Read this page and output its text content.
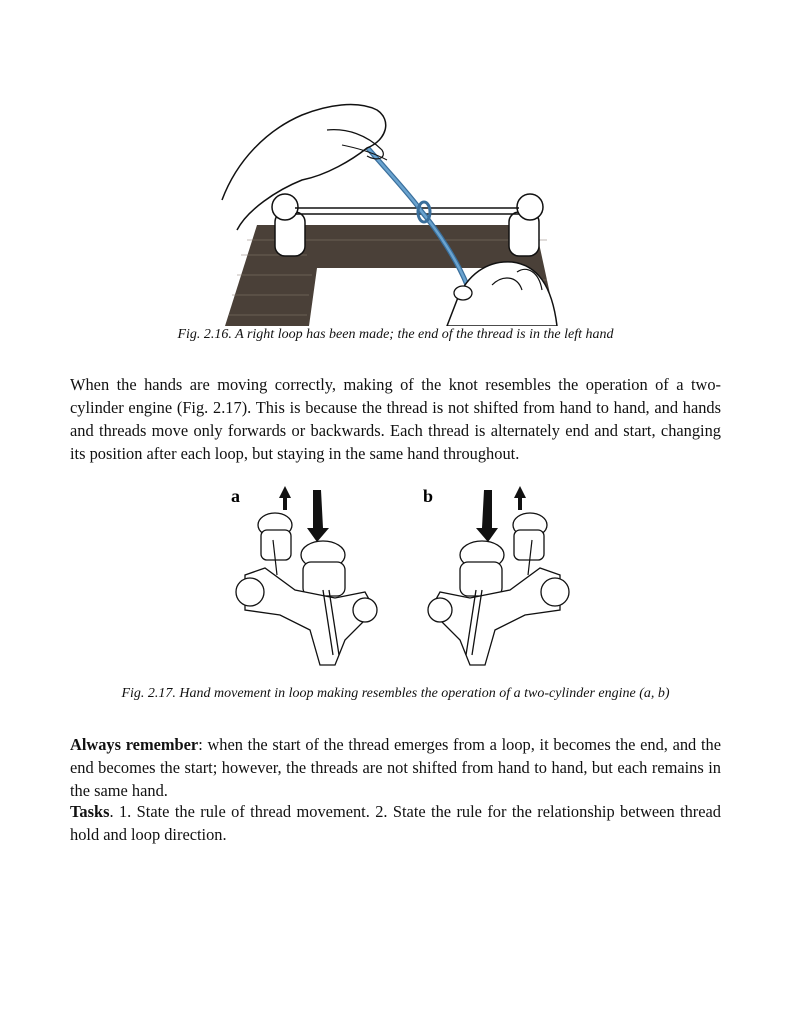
Fig. 2.16. A right loop has been made; the end of the thread is in the left hand

When the hands are moving correctly, making of the knot resembles the operation of a two-cylinder engine (Fig. 2.17). This is because the thread is not shifted from hand to hand, and hands and threads move only forwards or backwards. Each thread is alternately end and start, changing its position after each loop, but staying in the same hand throughout.

a	b
Fig. 2.17. Hand movement in loop making resembles the operation of a two-cylinder engine (a, b)

Always remember: when the start of the thread emerges from a loop, it becomes the end, and the end becomes the start; however, the threads are not shifted from hand to hand, but each remains in the same hand.

Tasks. 1. State the rule of thread movement. 2. State the rule for the relationship between thread hold and loop direction.
